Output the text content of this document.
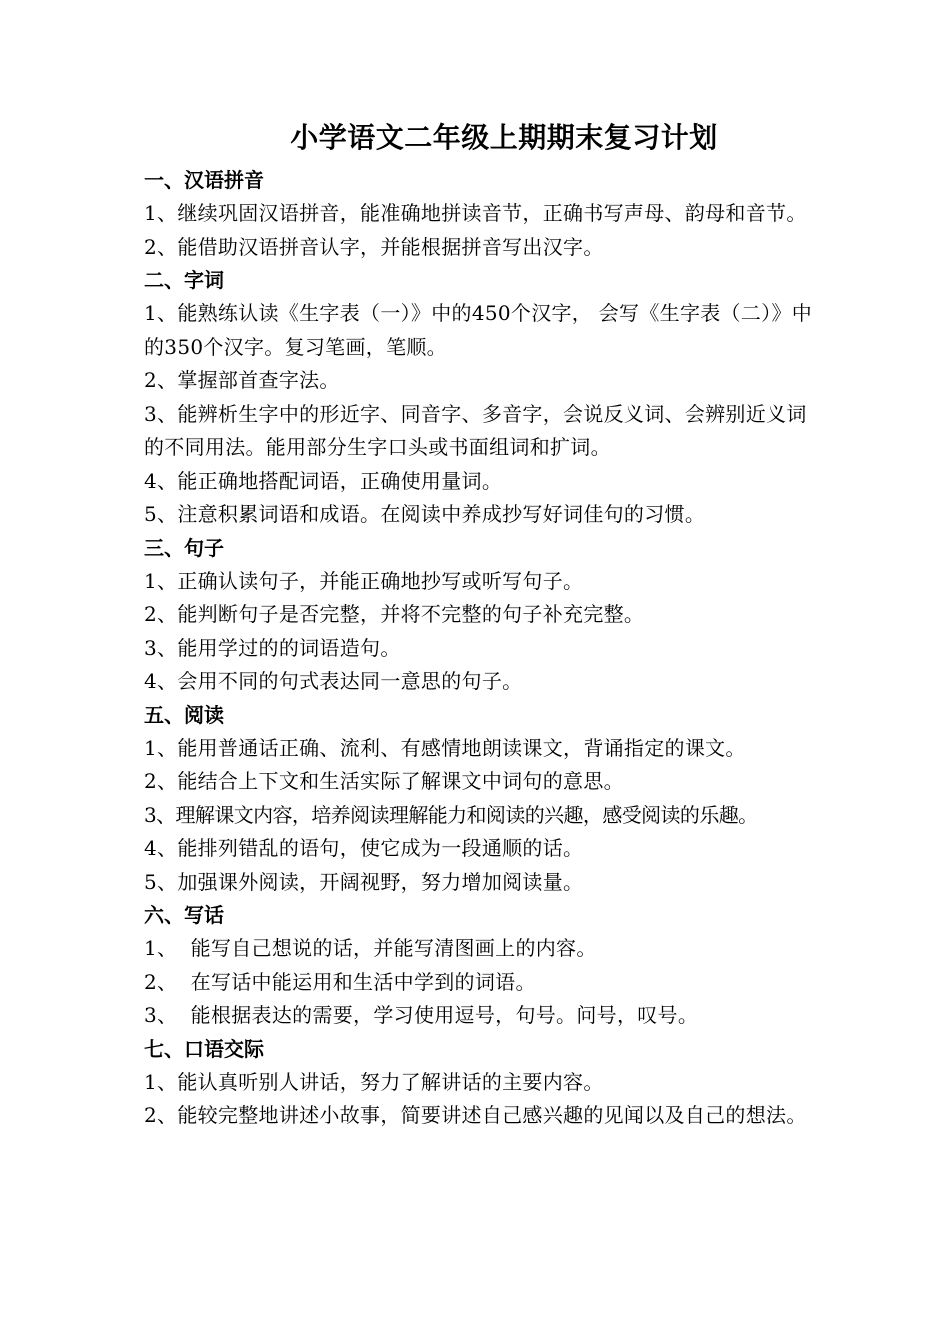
小学语文二年级上期期末复习计划
一、汉语拼音
1、继续巩固汉语拼音，能准确地拼读音节，正确书写声母、韵母和音节。
2、能借助汉语拼音认字，并能根据拼音写出汉字。
二、字词
1、能熟练认读《生字表（一）》中的450个汉字， 会写《生字表（二）》中的350个汉字。复习笔画，笔顺。
2、掌握部首查字法。
3、能辨析生字中的形近字、同音字、多音字，会说反义词、会辨别近义词的不同用法。能用部分生字口头或书面组词和扩词。
4、能正确地搭配词语，正确使用量词。
5、注意积累词语和成语。在阅读中养成抄写好词佳句的习惯。
三、句子
1、正确认读句子，并能正确地抄写或听写句子。
2、能判断句子是否完整，并将不完整的句子补充完整。
3、能用学过的的词语造句。
4、会用不同的句式表达同一意思的句子。
五、阅读
1、能用普通话正确、流利、有感情地朗读课文，背诵指定的课文。
2、能结合上下文和生活实际了解课文中词句的意思。
3、理解课文内容，培养阅读理解能力和阅读的兴趣，感受阅读的乐趣。
4、能排列错乱的语句，使它成为一段通顺的话。
5、加强课外阅读，开阔视野，努力增加阅读量。
六、写话
1、  能写自己想说的话，并能写清图画上的内容。
2、  在写话中能运用和生活中学到的词语。
3、  能根据表达的需要，学习使用逗号，句号。问号，叹号。
七、口语交际
1、能认真听别人讲话，努力了解讲话的主要内容。
2、能较完整地讲述小故事，简要讲述自己感兴趣的见闻以及自己的想法。
